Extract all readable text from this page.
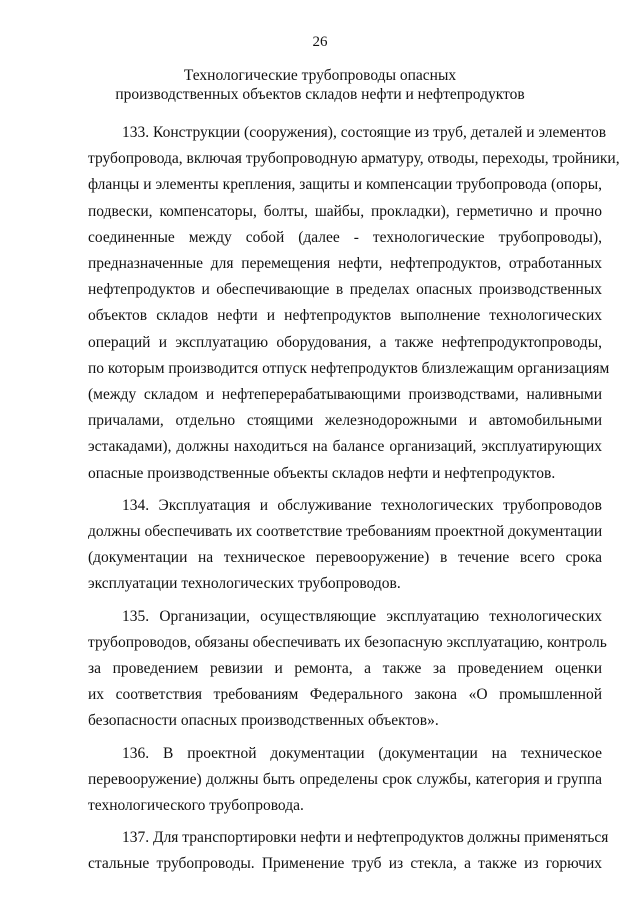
26
Технологические трубопроводы опасных
производственных объектов складов нефти и нефтепродуктов

133. Конструкции (сооружения), состоящие из труб, деталей и элементов
трубопровода, включая трубопроводную арматуру, отводы, переходы, тройники,
фланцы и элементы крепления, защиты и компенсации трубопровода (опоры,
подвески, компенсаторы, болты, шайбы, прокладки), герметично и прочно
соединенные между собой (далее - технологические трубопроводы),
предназначенные для перемещения нефти, нефтепродуктов, отработанных
нефтепродуктов и обеспечивающие в пределах опасных производственных
объектов складов нефти и нефтепродуктов выполнение технологических
операций и эксплуатацию оборудования, а также нефтепродуктопроводы,
по которым производится отпуск нефтепродуктов близлежащим организациям
(между складом и нефтеперерабатывающими производствами, наливными
причалами, отдельно стоящими железнодорожными и автомобильными
эстакадами), должны находиться на балансе организаций, эксплуатирующих
опасные производственные объекты складов нефти и нефтепродуктов.

134. Эксплуатация и обслуживание технологических трубопроводов
должны обеспечивать их соответствие требованиям проектной документации
(документации на техническое перевооружение) в течение всего срока
эксплуатации технологических трубопроводов.

135. Организации, осуществляющие эксплуатацию технологических
трубопроводов, обязаны обеспечивать их безопасную эксплуатацию, контроль
за проведением ревизии и ремонта, а также за проведением оценки
их соответствия требованиям Федерального закона «О промышленной
безопасности опасных производственных объектов».

136. В проектной документации (документации на техническое
перевооружение) должны быть определены срок службы, категория и группа
технологического трубопровода.

137. Для транспортировки нефти и нефтепродуктов должны применяться
стальные трубопроводы. Применение труб из стекла, а также из горючих
